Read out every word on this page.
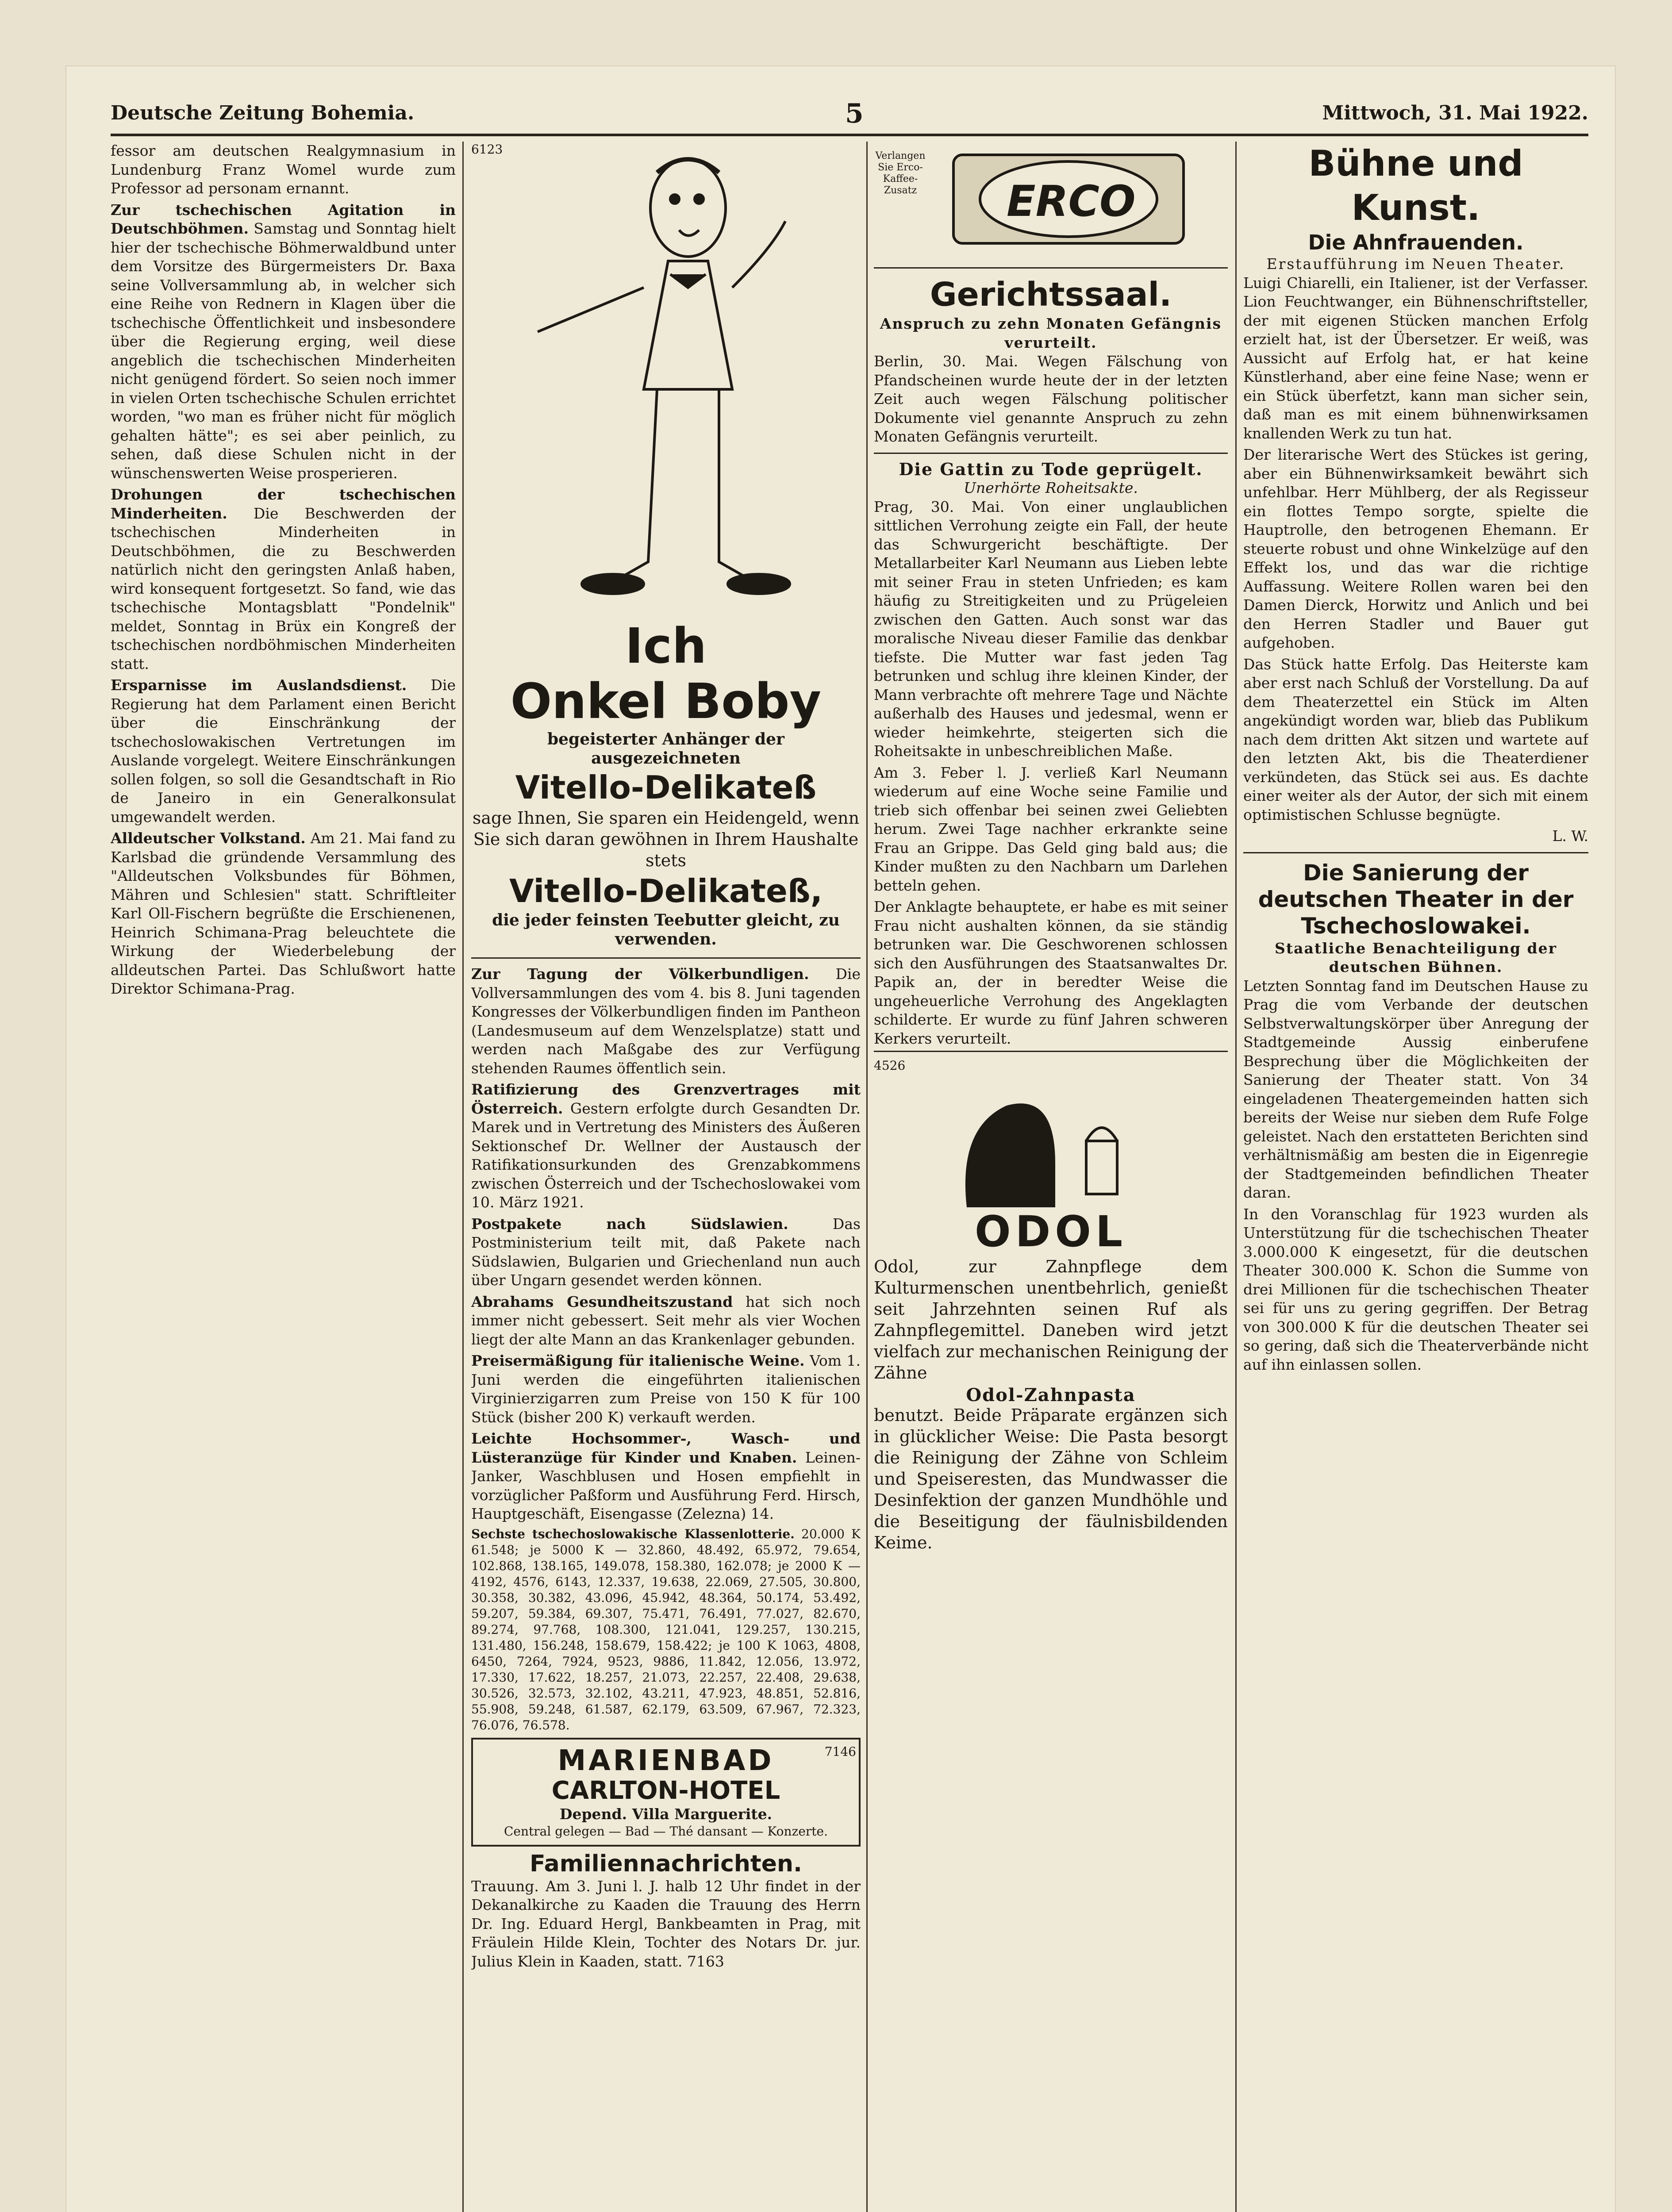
Deutsche Zeitung Bohemia.	5	Mittwoch, 31. Mai 1922.

fessor am deutschen Realgymnasium in Lundenburg Franz Womel wurde zum Professor ad personam ernannt.

Zur tschechischen Agitation in Deutschböhmen. Samstag und Sonntag hielt hier der tschechische Böhmerwaldbund unter dem Vorsitze des Bürgermeisters Dr. Baxa seine Vollversammlung ab, in welcher sich eine Reihe von Rednern in Klagen über die tschechische Öffentlichkeit und insbesondere über die Regierung erging, weil diese angeblich die tschechischen Minderheiten nicht genügend fördert. So seien noch immer in vielen Orten tschechische Schulen errichtet worden, "wo man es früher nicht für möglich gehalten hätte"; es sei aber peinlich, zu sehen, daß diese Schulen nicht in der wünschenswerten Weise prosperieren.

Drohungen der tschechischen Minderheiten. Die Beschwerden der tschechischen Minderheiten in Deutschböhmen, die zu Beschwerden natürlich nicht den geringsten Anlaß haben, wird konsequent fortgesetzt. So fand, wie das tschechische Montagsblatt "Pondelnik" meldet, Sonntag in Brüx ein Kongreß der tschechischen nordböhmischen Minderheiten statt.

Ersparnisse im Auslandsdienst. Die Regierung hat dem Parlament einen Bericht über die Einschränkung der tschechoslowakischen Vertretungen im Auslande vorgelegt. Weitere Einschränkungen sollen folgen, so soll die Gesandtschaft in Rio de Janeiro in ein Generalkonsulat umgewandelt werden.

Alldeutscher Volkstand. Am 21. Mai fand zu Karlsbad die gründende Versammlung des "Alldeutschen Volksbundes für Böhmen, Mähren und Schlesien" statt. Schriftleiter Karl Oll-Fischern begrüßte die Erschienenen, Heinrich Schimana-Prag beleuchtete die Wirkung der Wiederbelebung der alldeutschen Partei. Das Schlußwort hatte Direktor Schimana-Prag.

6123
Ich
Onkel Boby
begeisterter Anhänger der ausgezeichneten
Vitello-Delikateß
sage Ihnen, Sie sparen ein Heidengeld, wenn Sie sich daran gewöhnen in Ihrem Haushalte stets
Vitello-Delikateß,
die jeder feinsten Teebutter gleicht, zu verwenden.

Zur Tagung der Völkerbundligen. Die Vollversammlungen des vom 4. bis 8. Juni tagenden Kongresses der Völkerbundligen finden im Pantheon (Landesmuseum auf dem Wenzelsplatze) statt und werden nach Maßgabe des zur Verfügung stehenden Raumes öffentlich sein.

Ratifizierung des Grenzvertrages mit Österreich. Gestern erfolgte durch Gesandten Dr. Marek und in Vertretung des Ministers des Äußeren Sektionschef Dr. Wellner der Austausch der Ratifikationsurkunden des Grenzabkommens zwischen Österreich und der Tschechoslowakei vom 10. März 1921.

Postpakete nach Südslawien.	Das Postministerium teilt mit, daß Pakete nach Südslawien, Bulgarien und Griechenland nun auch über Ungarn gesendet werden können.

Abrahams Gesundheitszustand hat sich noch immer nicht gebessert. Seit mehr als vier Wochen liegt der alte Mann an das Krankenlager gebunden.

Preisermäßigung für italienische Weine. Vom 1. Juni werden die eingeführten italienischen Virginierzigarren zum Preise von 150 K für 100 Stück (bisher 200 K) verkauft werden.

Leichte Hochsommer-, Wasch- und Lüsteranzüge für Kinder und Knaben. Leinen-Janker, Waschblusen und Hosen empfiehlt in vorzüglicher Paßform und Ausführung Ferd. Hirsch, Hauptgeschäft, Eisengasse (Zelezna) 14.

Sechste tschechoslowakische Klassenlotterie. 20.000 K 61.548; je 5000 K — 32.860, 48.492, 65.972, 79.654, 102.868, 138.165, 149.078, 158.380, 162.078; je 2000 K — 4192, 4576, 6143, 12.337, 19.638, 22.069, 27.505, 30.800, 30.358, 30.382, 43.096, 45.942, 48.364, 50.174, 53.492, 59.207, 59.384, 69.307, 75.471, 76.491, 77.027, 82.670, 89.274, 97.768, 108.300, 121.041, 129.257, 130.215, 131.480, 156.248, 158.679, 158.422; je 100 K 1063, 4808, 6450, 7264, 7924, 9523, 9886, 11.842, 12.056, 13.972, 17.330, 17.622, 18.257, 21.073, 22.257, 22.408, 29.638, 30.526, 32.573, 32.102, 43.211, 47.923, 48.851, 52.816, 55.908, 59.248, 61.587, 62.179, 63.509, 67.967, 72.323, 76.076, 76.578.

MARIENBAD
CARLTON-HOTEL
Depend. Villa Marguerite.
Central gelegen — Bad — Thé dansant — Konzerte.
7146
Familiennachrichten.

Trauung. Am 3. Juni l. J. halb 12 Uhr findet in der Dekanalkirche zu Kaaden die Trauung des Herrn Dr. Ing. Eduard Hergl, Bankbeamten in Prag, mit Fräulein Hilde Klein, Tochter des Notars Dr. jur. Julius Klein in Kaaden, statt. 7163

Verlangen Sie Erco-Kaffee-Zusatz ERCO
Gerichtssaal.
Anspruch zu zehn Monaten Gefängnis verurteilt.

Berlin, 30. Mai. Wegen Fälschung von Pfandscheinen wurde heute der in der letzten Zeit auch wegen Fälschung politischer Dokumente viel genannte Anspruch zu zehn Monaten Gefängnis verurteilt.

Die Gattin zu Tode geprügelt.
Unerhörte Roheitsakte.

Prag, 30. Mai. Von einer unglaublichen sittlichen Verrohung zeigte ein Fall, der heute das Schwurgericht beschäftigte. Der Metallarbeiter Karl Neumann aus Lieben lebte mit seiner Frau in steten Unfrieden; es kam häufig zu Streitigkeiten und zu Prügeleien zwischen den Gatten. Auch sonst war das moralische Niveau dieser Familie das denkbar tiefste. Die Mutter war fast jeden Tag betrunken und schlug ihre kleinen Kinder, der Mann verbrachte oft mehrere Tage und Nächte außerhalb des Hauses und jedesmal, wenn er wieder heimkehrte, steigerten sich die Roheitsakte in unbeschreiblichen Maße.

Am 3. Feber l. J. verließ Karl Neumann wiederum auf eine Woche seine Familie und trieb sich offenbar bei seinen zwei Geliebten herum. Zwei Tage nachher erkrankte seine Frau an Grippe. Das Geld ging bald aus; die Kinder mußten zu den Nachbarn um Darlehen betteln gehen.

Der Anklagte behauptete, er habe es mit seiner Frau nicht aushalten können, da sie ständig betrunken war. Die Geschworenen schlossen sich den Ausführungen des Staatsanwaltes Dr. Papik an, der in beredter Weise die ungeheuerliche Verrohung des Angeklagten schilderte. Er wurde zu fünf Jahren schweren Kerkers verurteilt.

4526
ODOL

Odol, zur Zahnpflege dem Kulturmenschen unentbehrlich, genießt seit Jahrzehnten seinen Ruf als Zahnpflegemittel. Daneben wird jetzt vielfach zur mechanischen Reinigung der Zähne

Odol-Zahnpasta

benutzt. Beide Präparate ergänzen sich in glücklicher Weise: Die Pasta besorgt die Reinigung der Zähne von Schleim und Speiseresten, das Mundwasser die Desinfektion der ganzen Mundhöhle und die Beseitigung der fäulnisbildenden Keime.

Bühne und Kunst.
Die Ahnfrauenden.
Erstaufführung im Neuen Theater.

Luigi Chiarelli, ein Italiener, ist der Verfasser. Lion Feuchtwanger, ein Bühnenschriftsteller, der mit eigenen Stücken manchen Erfolg erzielt hat, ist der Übersetzer. Er weiß, was Aussicht auf Erfolg hat, er hat keine Künstlerhand, aber eine feine Nase; wenn er ein Stück überfetzt, kann man sicher sein, daß man es mit einem bühnenwirksamen knallenden Werk zu tun hat.

Der literarische Wert des Stückes ist gering, aber ein Bühnenwirksamkeit bewährt sich unfehlbar. Herr Mühlberg, der als Regisseur ein flottes Tempo sorgte, spielte die Hauptrolle, den betrogenen Ehemann. Er steuerte robust und ohne Winkelzüge auf den Effekt los, und das war die richtige Auffassung. Weitere Rollen waren bei den Damen Dierck, Horwitz und Anlich und bei den Herren Stadler und Bauer gut aufgehoben.

Das Stück hatte Erfolg. Das Heiterste kam aber erst nach Schluß der Vorstellung. Da auf dem Theaterzettel ein Stück im Alten angekündigt worden war, blieb das Publikum nach dem dritten Akt sitzen und wartete auf den letzten Akt, bis die Theaterdiener verkündeten, das Stück sei aus. Es dachte einer weiter als der Autor, der sich mit einem optimistischen Schlusse begnügte.

L. W.
Die Sanierung der deutschen Theater in der Tschechoslowakei.
Staatliche Benachteiligung der deutschen Bühnen.

Letzten Sonntag fand im Deutschen Hause zu Prag die vom Verbande der deutschen Selbstverwaltungskörper über Anregung der Stadtgemeinde Aussig einberufene Besprechung über die Möglichkeiten der Sanierung der Theater statt. Von 34 eingeladenen Theatergemeinden hatten sich bereits der Weise nur sieben dem Rufe Folge geleistet. Nach den erstatteten Berichten sind verhältnismäßig am besten die in Eigenregie der Stadtgemeinden befindlichen Theater daran.

In den Voranschlag für 1923 wurden als Unterstützung für die tschechischen Theater 3.000.000 K eingesetzt, für die deutschen Theater 300.000 K. Schon die Summe von drei Millionen für die tschechischen Theater sei für uns zu gering gegriffen. Der Betrag von 300.000 K für die deutschen Theater sei so gering, daß sich die Theaterverbände nicht auf ihn einlassen sollen.
